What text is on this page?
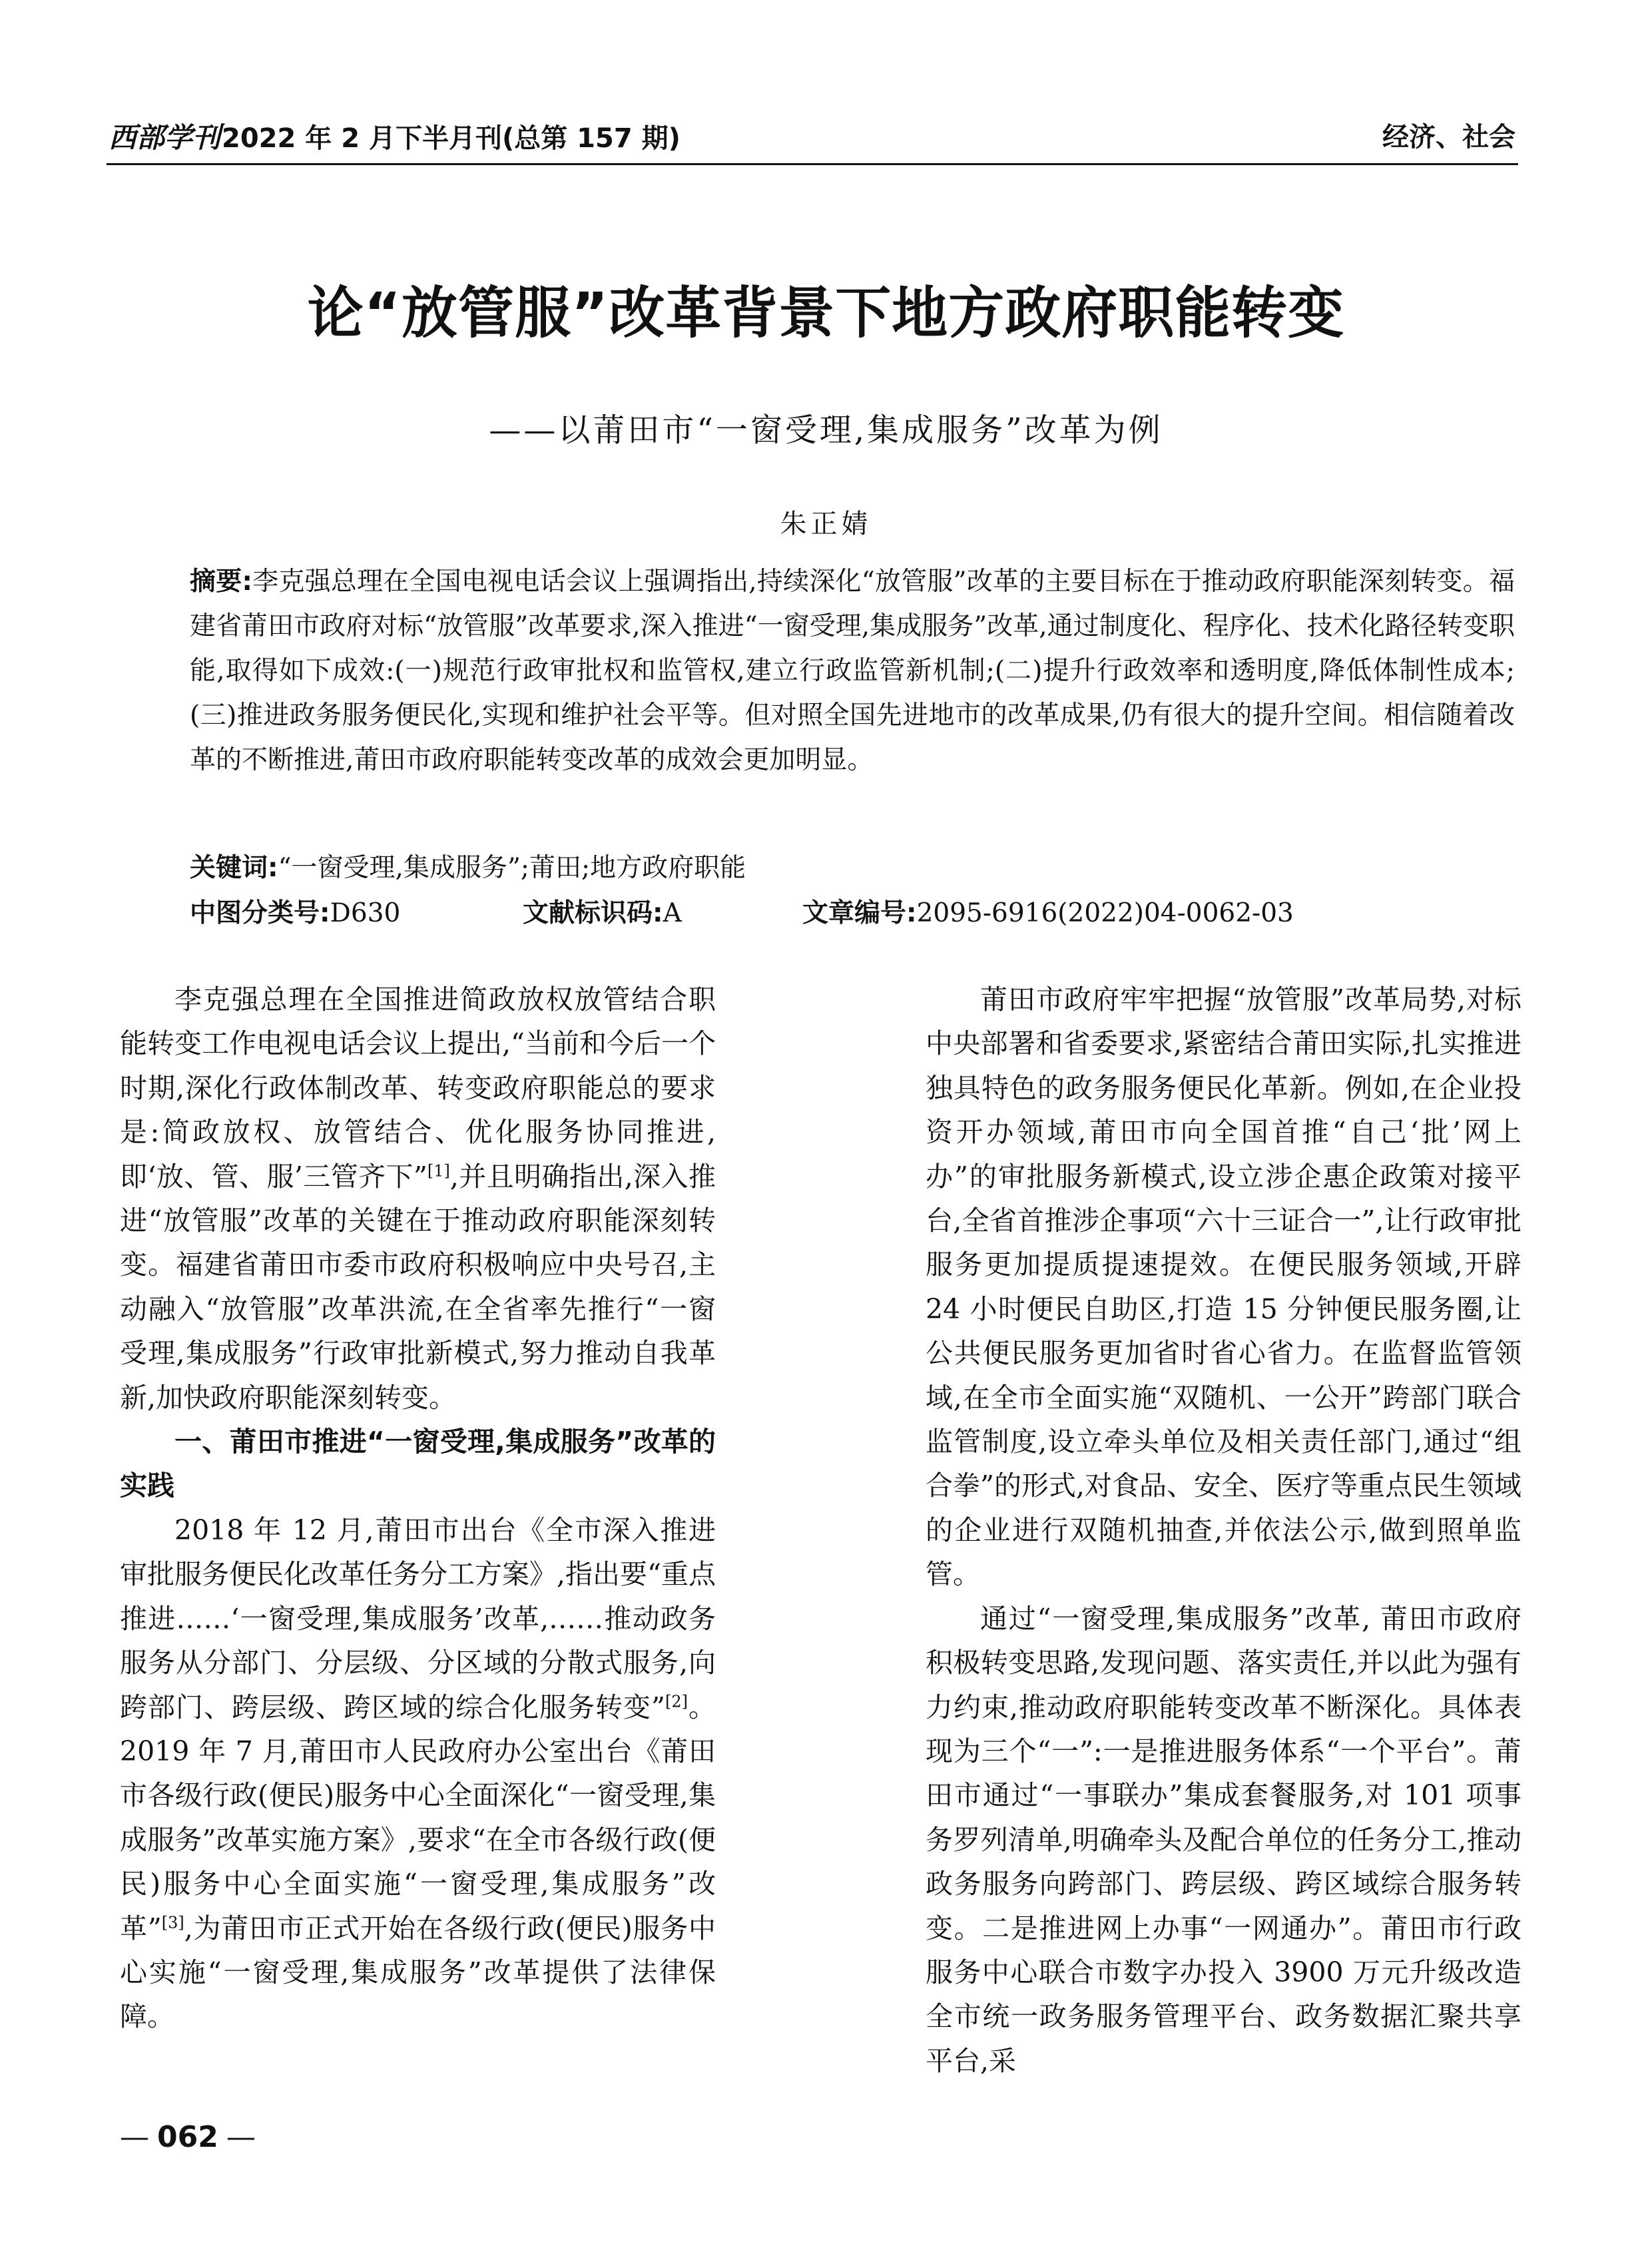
西部学刊2022 年 2 月下半月刊(总第 157 期)	经济、社会
论“放管服”改革背景下地方政府职能转变
——以莆田市“一窗受理,集成服务”改革为例
朱正婧
摘要:李克强总理在全国电视电话会议上强调指出,持续深化“放管服”改革的主要目标在于推动政府职能深刻转变。福建省莆田市政府对标“放管服”改革要求,深入推进“一窗受理,集成服务”改革,通过制度化、程序化、技术化路径转变职能,取得如下成效:(一)规范行政审批权和监管权,建立行政监管新机制;(二)提升行政效率和透明度,降低体制性成本;(三)推进政务服务便民化,实现和维护社会平等。但对照全国先进地市的改革成果,仍有很大的提升空间。相信随着改革的不断推进,莆田市政府职能转变改革的成效会更加明显。
关键词:“一窗受理,集成服务”;莆田;地方政府职能
中图分类号:D630	文献标识码:A	文章编号:2095-6916(2022)04-0062-03

李克强总理在全国推进简政放权放管结合职能转变工作电视电话会议上提出,“当前和今后一个时期,深化行政体制改革、转变政府职能总的要求是:简政放权、放管结合、优化服务协同推进,即‘放、管、服’三管齐下”[1],并且明确指出,深入推进“放管服”改革的关键在于推动政府职能深刻转变。福建省莆田市委市政府积极响应中央号召,主动融入“放管服”改革洪流,在全省率先推行“一窗受理,集成服务”行政审批新模式,努力推动自我革新,加快政府职能深刻转变。

一、莆田市推进“一窗受理,集成服务”改革的实践

2018 年 12 月,莆田市出台《全市深入推进审批服务便民化改革任务分工方案》,指出要“重点推进……‘一窗受理,集成服务’改革,……推动政务服务从分部门、分层级、分区域的分散式服务,向跨部门、跨层级、跨区域的综合化服务转变”[2]。2019 年 7 月,莆田市人民政府办公室出台《莆田市各级行政(便民)服务中心全面深化“一窗受理,集成服务”改革实施方案》,要求“在全市各级行政(便民)服务中心全面实施“一窗受理,集成服务”改革”[3],为莆田市正式开始在各级行政(便民)服务中心实施“一窗受理,集成服务”改革提供了法律保障。

莆田市政府牢牢把握“放管服”改革局势,对标中央部署和省委要求,紧密结合莆田实际,扎实推进独具特色的政务服务便民化革新。例如,在企业投资开办领域,莆田市向全国首推“自己‘批’网上办”的审批服务新模式,设立涉企惠企政策对接平台,全省首推涉企事项“六十三证合一”,让行政审批服务更加提质提速提效。在便民服务领域,开辟 24 小时便民自助区,打造 15 分钟便民服务圈,让公共便民服务更加省时省心省力。在监督监管领域,在全市全面实施“双随机、一公开”跨部门联合监管制度,设立牵头单位及相关责任部门,通过“组合拳”的形式,对食品、安全、医疗等重点民生领域的企业进行双随机抽查,并依法公示,做到照单监管。

通过“一窗受理,集成服务”改革, 莆田市政府积极转变思路,发现问题、落实责任,并以此为强有力约束,推动政府职能转变改革不断深化。具体表现为三个“一”:一是推进服务体系“一个平台”。莆田市通过“一事联办”集成套餐服务,对 101 项事务罗列清单,明确牵头及配合单位的任务分工,推动政务服务向跨部门、跨层级、跨区域综合服务转变。二是推进网上办事“一网通办”。莆田市行政服务中心联合市数字办投入 3900 万元升级改造全市统一政务服务管理平台、政务数据汇聚共享平台,采

— 062 —
